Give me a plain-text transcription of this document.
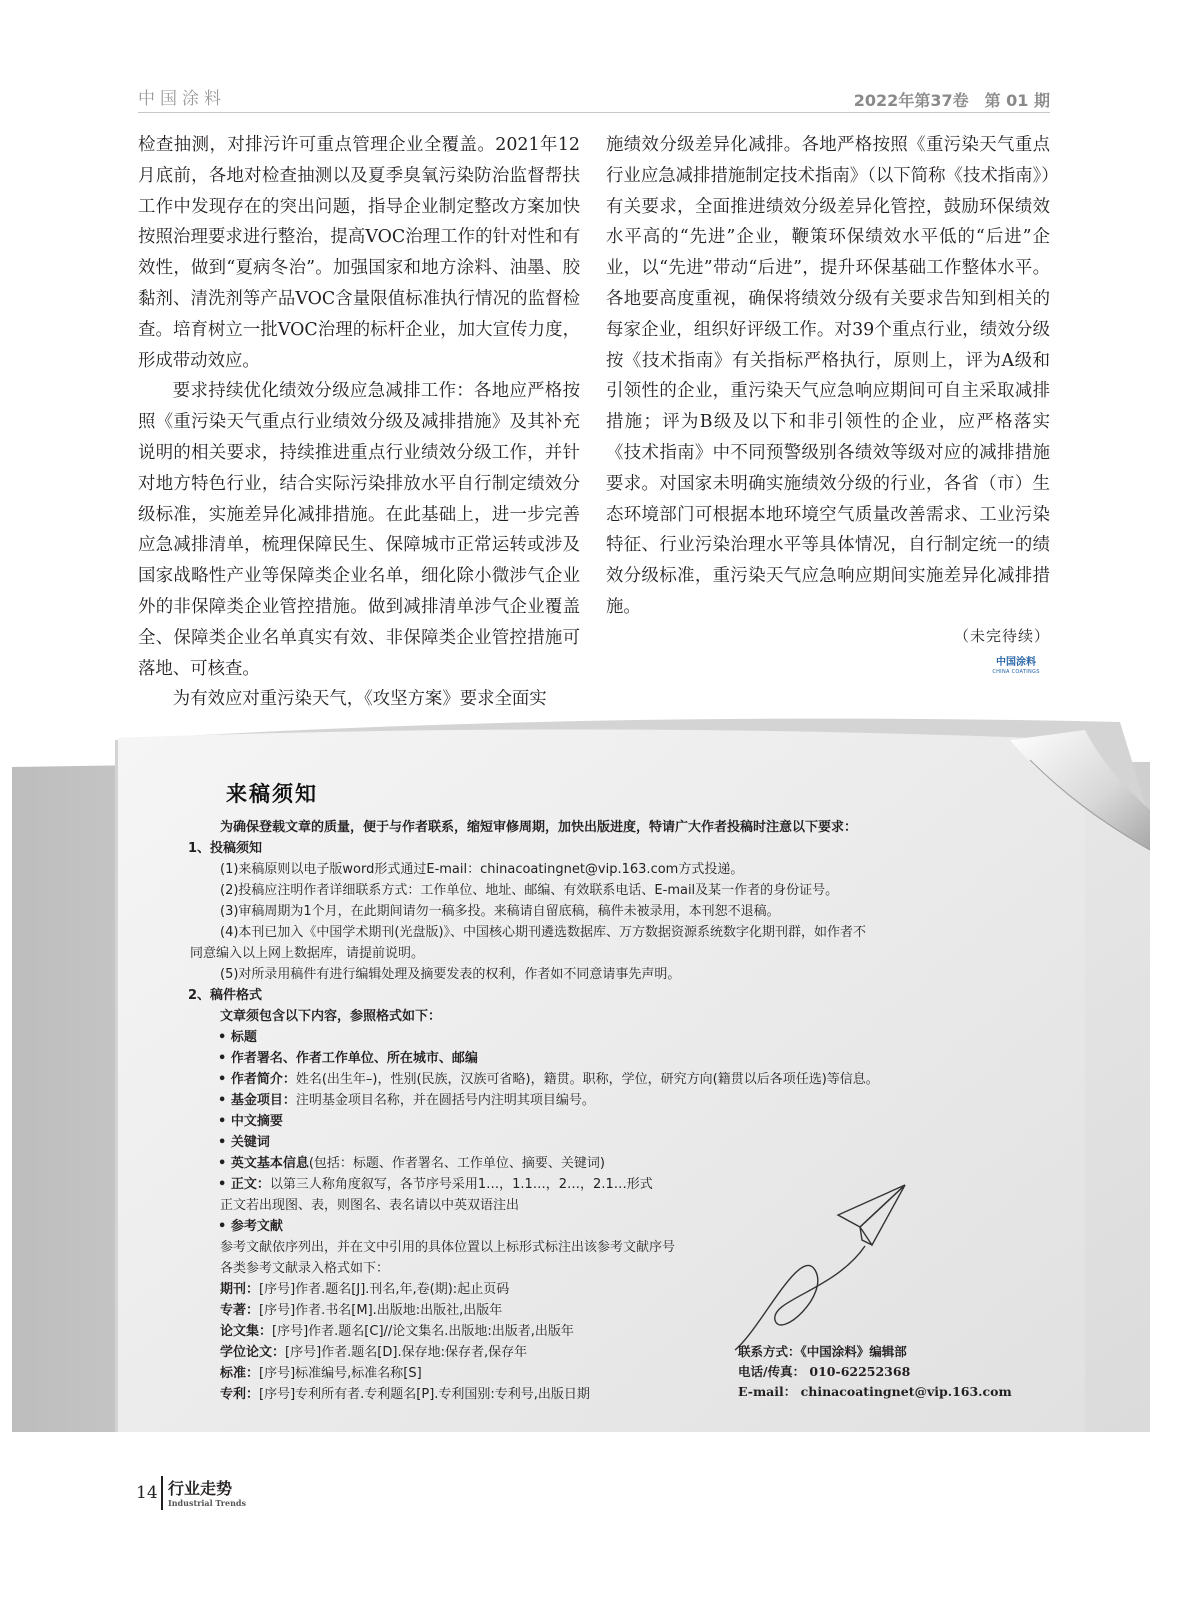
中国涂料	2022年第37卷　第 01 期

检查抽测，对排污许可重点管理企业全覆盖。2021年12月底前，各地对检查抽测以及夏季臭氧污染防治监督帮扶工作中发现存在的突出问题，指导企业制定整改方案加快按照治理要求进行整治，提高VOC治理工作的针对性和有效性，做到“夏病冬治”。加强国家和地方涂料、油墨、胶黏剂、清洗剂等产品VOC含量限值标准执行情况的监督检查。培育树立一批VOC治理的标杆企业，加大宣传力度，形成带动效应。

要求持续优化绩效分级应急减排工作：各地应严格按照《重污染天气重点行业绩效分级及减排措施》及其补充说明的相关要求，持续推进重点行业绩效分级工作，并针对地方特色行业，结合实际污染排放水平自行制定绩效分级标准，实施差异化减排措施。在此基础上，进一步完善应急减排清单，梳理保障民生、保障城市正常运转或涉及国家战略性产业等保障类企业名单，细化除小微涉气企业外的非保障类企业管控措施。做到减排清单涉气企业覆盖全、保障类企业名单真实有效、非保障类企业管控措施可落地、可核查。

为有效应对重污染天气，《攻坚方案》要求全面实

施绩效分级差异化减排。各地严格按照《重污染天气重点行业应急减排措施制定技术指南》（以下简称《技术指南》）有关要求，全面推进绩效分级差异化管控，鼓励环保绩效水平高的“先进”企业，鞭策环保绩效水平低的“后进”企业，以“先进”带动“后进”，提升环保基础工作整体水平。各地要高度重视，确保将绩效分级有关要求告知到相关的每家企业，组织好评级工作。对39个重点行业，绩效分级按《技术指南》有关指标严格执行，原则上，评为A级和引领性的企业，重污染天气应急响应期间可自主采取减排措施；评为B级及以下和非引领性的企业，应严格落实《技术指南》中不同预警级别各绩效等级对应的减排措施要求。对国家未明确实施绩效分级的行业，各省（市）生态环境部门可根据本地环境空气质量改善需求、工业污染特征、行业污染治理水平等具体情况，自行制定统一的绩效分级标准，重污染天气应急响应期间实施差异化减排措施。

（未完待续）
中国涂料
CHINA COATINGS
来稿须知
为确保登载文章的质量，便于与作者联系，缩短审修周期，加快出版进度，特请广大作者投稿时注意以下要求：
1、投稿须知
(1)来稿原则以电子版word形式通过E-mail：chinacoatingnet@vip.163.com方式投递。
(2)投稿应注明作者详细联系方式：工作单位、地址、邮编、有效联系电话、E-mail及某一作者的身份证号。
(3)审稿周期为1个月，在此期间请勿一稿多投。来稿请自留底稿，稿件未被录用，本刊恕不退稿。
(4)本刊已加入《中国学术期刊(光盘版)》、中国核心期刊遴选数据库、万方数据资源系统数字化期刊群，如作者不
同意编入以上网上数据库，请提前说明。
(5)对所录用稿件有进行编辑处理及摘要发表的权利，作者如不同意请事先声明。
2、稿件格式
文章须包含以下内容，参照格式如下：
• 标题
• 作者署名、作者工作单位、所在城市、邮编
• 作者简介：姓名(出生年–)，性别(民族，汉族可省略)，籍贯。职称，学位，研究方向(籍贯以后各项任选)等信息。
• 基金项目：注明基金项目名称，并在圆括号内注明其项目编号。
• 中文摘要
• 关键词
• 英文基本信息(包括：标题、作者署名、工作单位、摘要、关键词)
• 正文：以第三人称角度叙写，各节序号采用1…，1.1…，2…，2.1…形式
正文若出现图、表，则图名、表名请以中英双语注出
• 参考文献
参考文献依序列出，并在文中引用的具体位置以上标形式标注出该参考文献序号
各类参考文献录入格式如下：
期刊：[序号]作者.题名[J].刊名,年,卷(期):起止页码
专著：[序号]作者.书名[M].出版地:出版社,出版年
论文集：[序号]作者.题名[C]//论文集名.出版地:出版者,出版年
学位论文：[序号]作者.题名[D].保存地:保存者,保存年
标准：[序号]标准编号,标准名称[S]
专利：[序号]专利所有者.专利题名[P].专利国别:专利号,出版日期
联系方式：《中国涂料》编辑部
电话/传真： 010-62252368
E-mail： chinacoatingnet@vip.163.com
14 行业走势
Industrial Trends
